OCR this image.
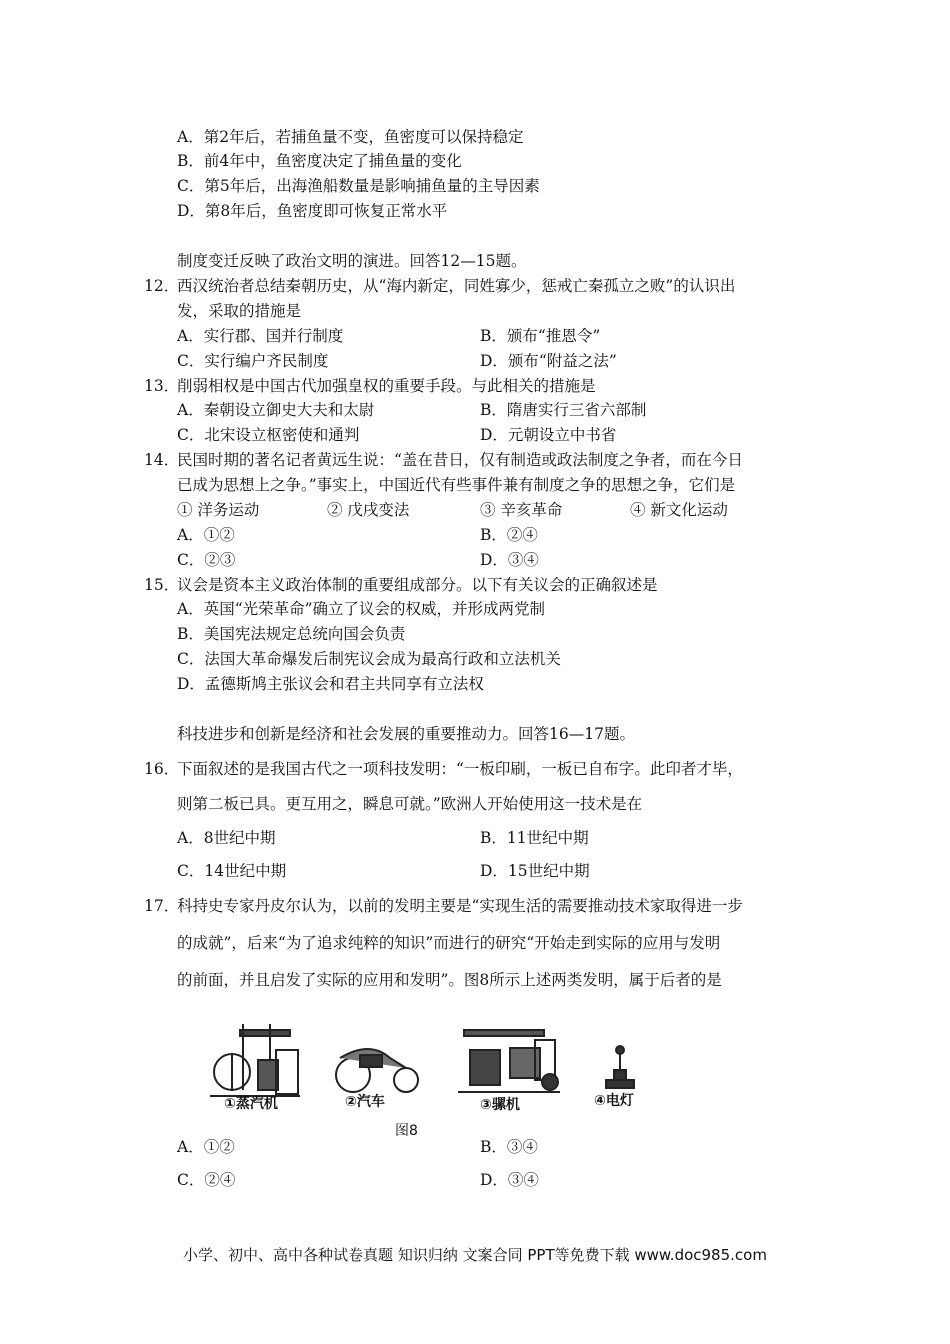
A．第2年后，若捕鱼量不变，鱼密度可以保持稳定
B．前4年中，鱼密度决定了捕鱼量的变化
C．第5年后，出海渔船数量是影响捕鱼量的主导因素
D．第8年后，鱼密度即可恢复正常水平
制度变迁反映了政治文明的演进。回答12—15题。
12．
西汉统治者总结秦朝历史，从“海内新定，同姓寡少，惩戒亡秦孤立之败”的认识出
发，采取的措施是
A．实行郡、国并行制度	B．颁布“推恩令”
C．实行编户齐民制度	D．颁布“附益之法”
13．
削弱相权是中国古代加强皇权的重要手段。与此相关的措施是
A．秦朝设立御史大夫和太尉	B．隋唐实行三省六部制
C．北宋设立枢密使和通判	D．元朝设立中书省
14．
民国时期的著名记者黄远生说：“盖在昔日，仅有制造或政法制度之争者，而在今日
已成为思想上之争。”事实上，中国近代有些事件兼有制度之争的思想之争，它们是
① 洋务运动	② 戊戌变法	③ 辛亥革命	④ 新文化运动
A．①②	B．②④
C．②③	D．③④
15．
议会是资本主义政治体制的重要组成部分。以下有关议会的正确叙述是
A．英国“光荣革命”确立了议会的权威，并形成两党制
B．美国宪法规定总统向国会负责
C．法国大革命爆发后制宪议会成为最高行政和立法机关
D．孟德斯鸠主张议会和君主共同享有立法权
科技进步和创新是经济和社会发展的重要推动力。回答16—17题。
16．
下面叙述的是我国古代之一项科技发明：“一板印刷，一板已自布字。此印者才毕，
则第二板已具。更互用之，瞬息可就。”欧洲人开始使用这一技术是在
A．8世纪中期	B．11世纪中期
C．14世纪中期	D．15世纪中期
17．
科持史专家丹皮尔认为，以前的发明主要是“实现生活的需要推动技术家取得进一步
的成就”，后来“为了追求纯粹的知识”而进行的研究“开始走到实际的应用与发明
的前面，并且启发了实际的应用和发明”。图8所示上述两类发明，属于后者的是
①蒸汽机	②汽车	③骡机	④电灯
图8
A．①②	B．③④
C．②④	D．③④
小学、初中、高中各种试卷真题 知识归纳 文案合同 PPT等免费下载 www.doc985.com
